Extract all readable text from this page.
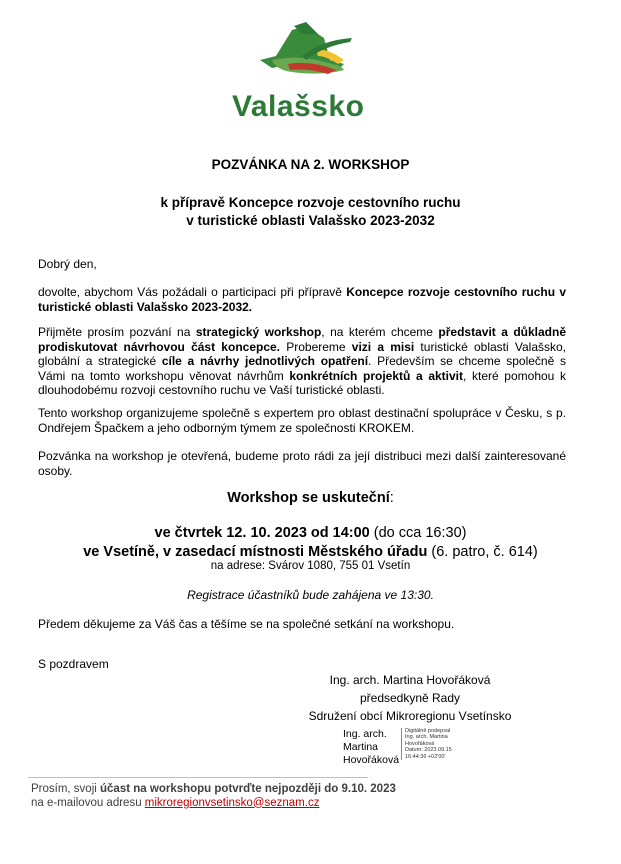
Valašsko
POZVÁNKA NA 2. WORKSHOP
k přípravě Koncepce rozvoje cestovního ruchu
v turistické oblasti Valašsko 2023-2032
Dobrý den,
dovolte, abychom Vás požádali o participaci při přípravě Koncepce rozvoje cestovního ruchu v turistické oblasti Valašsko 2023-2032.
Přijměte prosím pozvání na strategický workshop, na kterém chceme představit a důkladně prodiskutovat návrhovou část koncepce. Probereme vizi a misi turistické oblasti Valašsko, globální a strategické cíle a návrhy jednotlivých opatření. Především se chceme společně s Vámi na tomto workshopu věnovat návrhům konkrétních projektů a aktivit, které pomohou k dlouhodobému rozvoji cestovního ruchu ve Vaší turistické oblasti.
Tento workshop organizujeme společně s expertem pro oblast destinační spolupráce v Česku, s p. Ondřejem Špačkem a jeho odborným týmem ze společnosti KROKEM.
Pozvánka na workshop je otevřená, budeme proto rádi za její distribuci mezi další zainteresované osoby.
Workshop se uskuteční:
ve čtvrtek 12. 10. 2023 od 14:00 (do cca 16:30)
ve Vsetíně, v zasedací místnosti Městského úřadu (6. patro, č. 614)
na adrese: Svárov 1080, 755 01 Vsetín
Registrace účastníků bude zahájena ve 13:30.
Předem děkujeme za Váš čas a těšíme se na společné setkání na workshopu.
S pozdravem
Ing. arch. Martina Hovořáková
předsedkyně Rady
Sdružení obcí Mikroregionu Vsetínsko
Ing. arch.
Martina
Hovořáková
Digitálně podepsal
Ing. arch. Martina
Hovořáková
Datum: 2023.09.15
16:44:36 +02'00'
Prosím, svoji účast na workshopu potvrďte nejpozději do 9.10. 2023
na e-mailovou adresu mikroregionvsetinsko@seznam.cz
